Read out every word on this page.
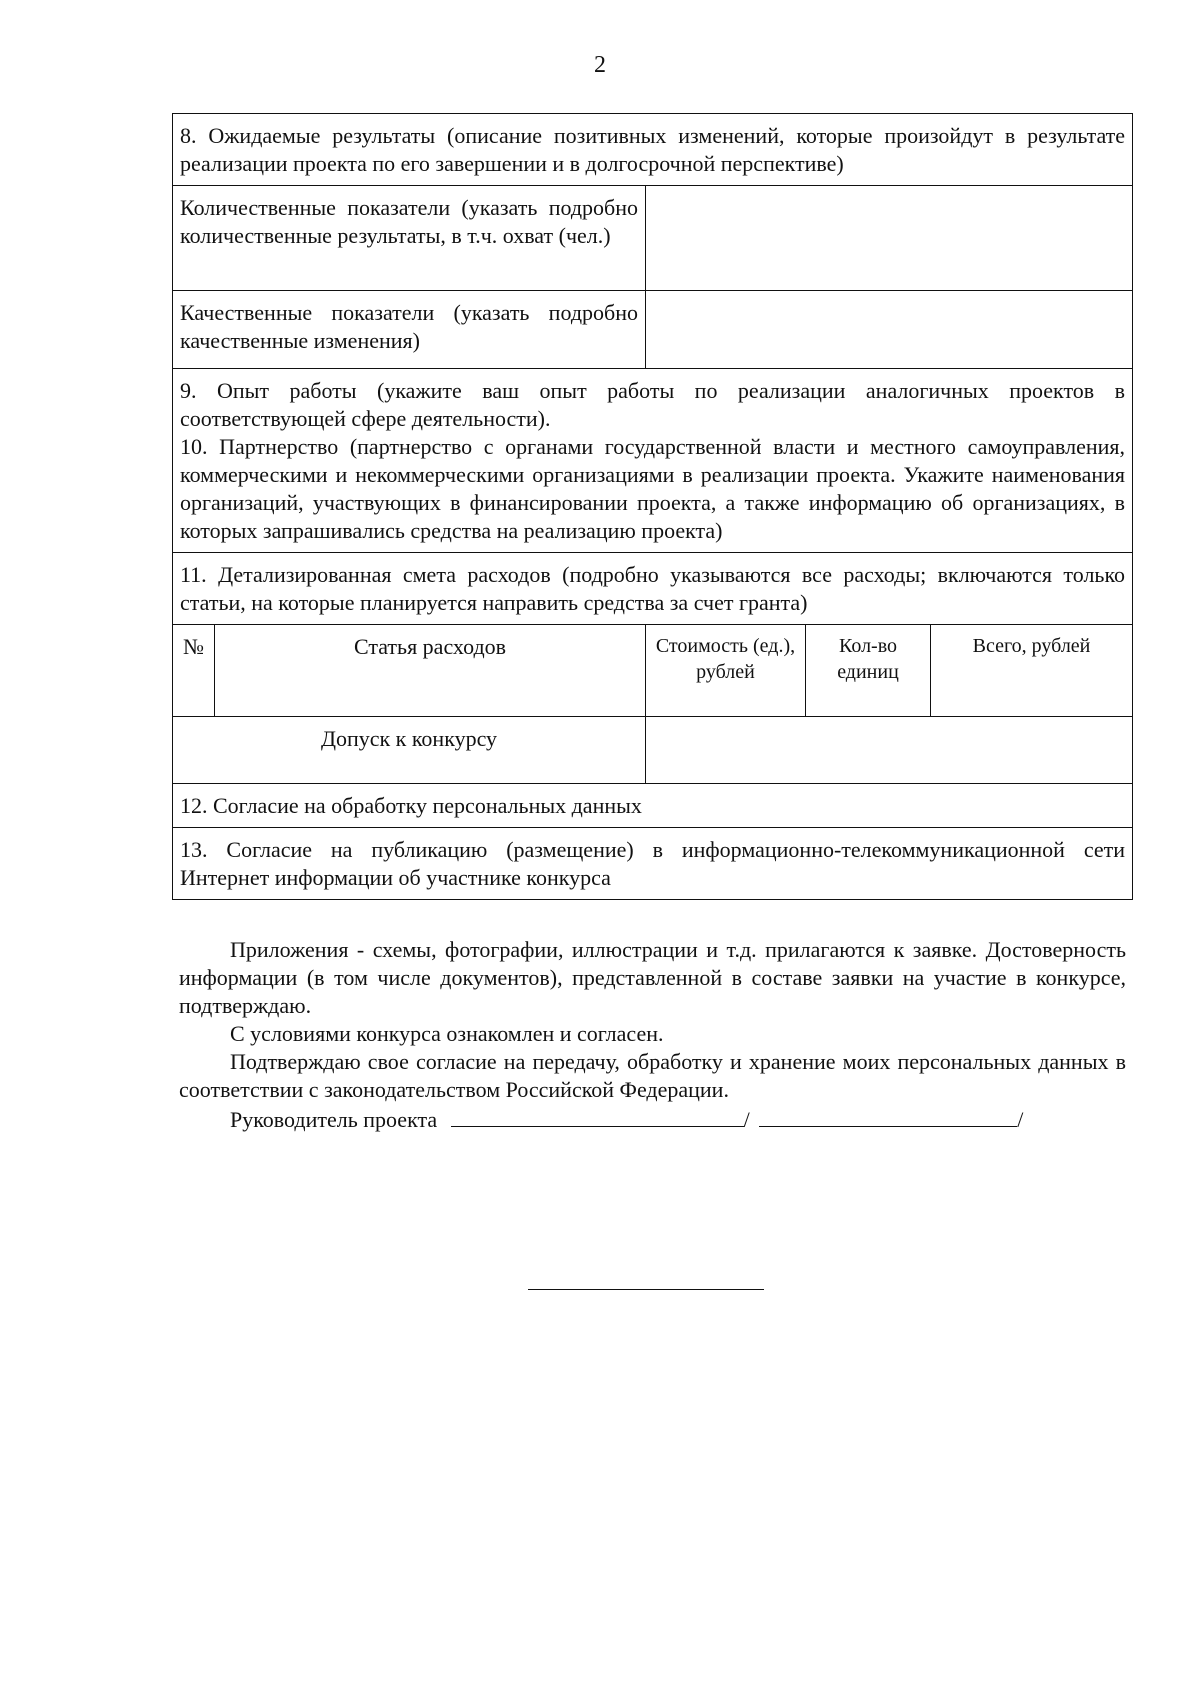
2
8. Ожидаемые результаты (описание позитивных изменений, которые произойдут в результате реализации проекта по его завершении и в долгосрочной перспективе)				
Количественные показатели (указать подробно количественные результаты, в т.ч. охват (чел.)				
Качественные показатели (указать подробно качественные изменения)				

9. Опыт работы (укажите ваш опыт работы по реализации аналогичных проектов в соответствующей сфере деятельности).
10. Партнерство (партнерство с органами государственной власти и местного самоуправления, коммерческими и некоммерческими организациями в реализации проекта. Укажите наименования организаций, участвующих в финансировании проекта, а также информацию об организациях, в которых запрашивались средства на реализацию проекта)				

11. Детализированная смета расходов (подробно указываются все расходы; включаются только статьи, на которые планируется направить средства за счет гранта)				
№	Статья расходов	Стоимость (ед.), рублей	Кол-во единиц	Всего, рублей
Допуск к конкурсу				
12. Согласие на обработку персональных данных				
13. Согласие на публикацию (размещение) в информационно-телекоммуникационной сети Интернет информации об участнике конкурса				

Приложения - схемы, фотографии, иллюстрации и т.д. прилагаются к заявке. Достоверность информации (в том числе документов), представленной в составе заявки на участие в конкурсе, подтверждаю.

С условиями конкурса ознакомлен и согласен.

Подтверждаю свое согласие на передачу, обработку и хранение моих персональных данных в соответствии с законодательством Российской Федерации.

Руководитель проекта	/	/
